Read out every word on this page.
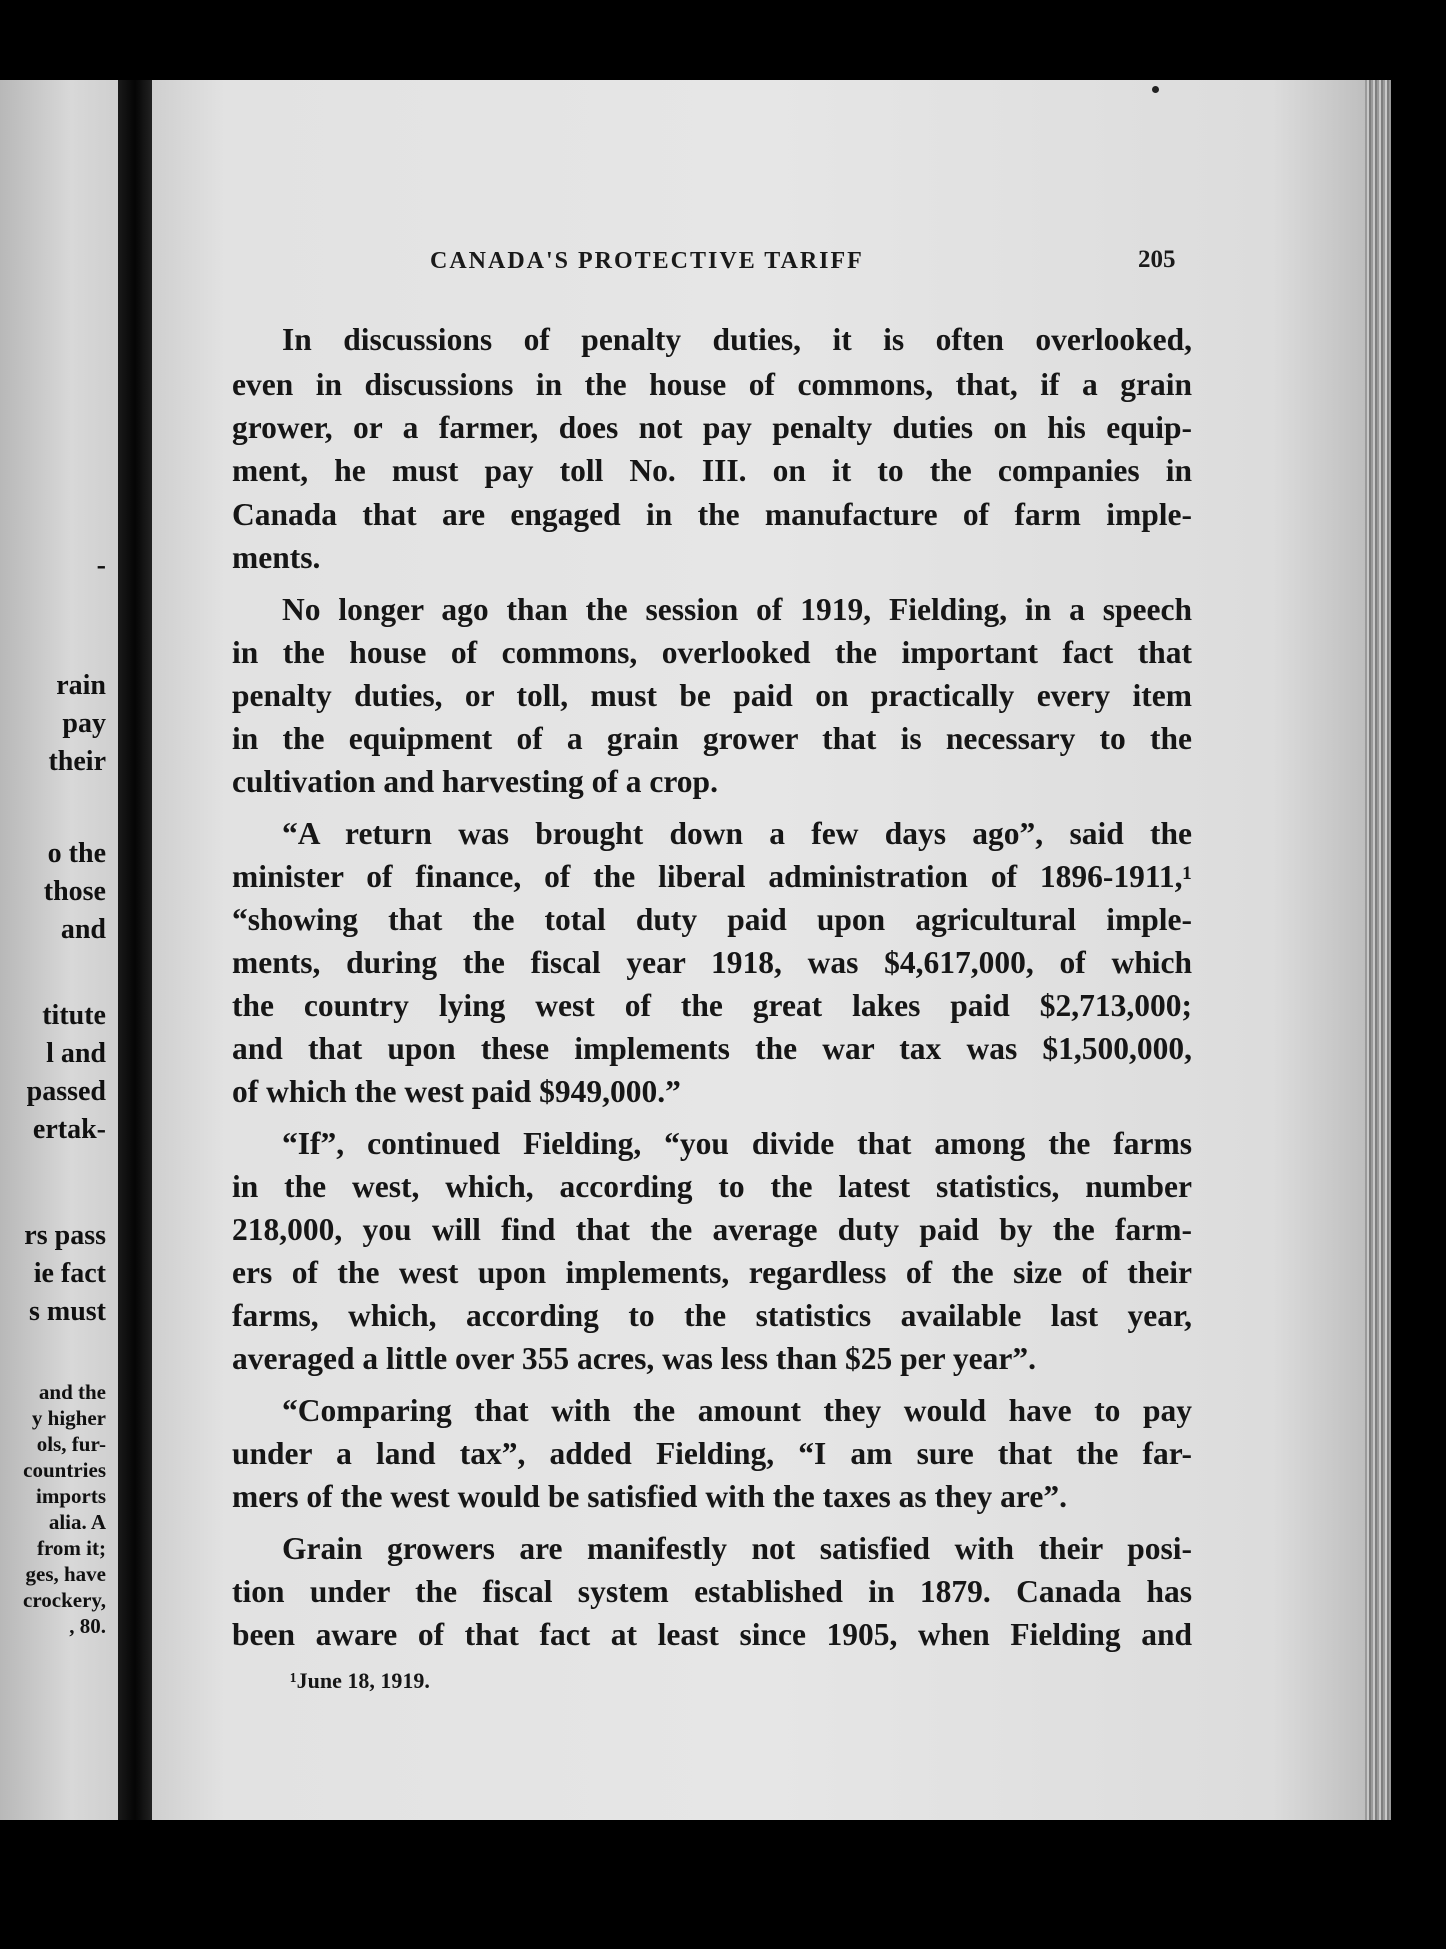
-
rain
pay
their
o the
those
and
titute
l and
passed
ertak-
rs pass
ie fact
s must
and the
y higher
ols, fur-
countries
imports
alia. A
from it;
ges, have
crockery,
, 80.
CANADA'S PROTECTIVE TARIFF	205
In discussions of penalty duties, it is often overlooked,
even in discussions in the house of commons, that, if a grain
grower, or a farmer, does not pay penalty duties on his equip-
ment, he must pay toll No. III. on it to the companies in
Canada that are engaged in the manufacture of farm imple-
ments.
No longer ago than the session of 1919, Fielding, in a speech
in the house of commons, overlooked the important fact that
penalty duties, or toll, must be paid on practically every item
in the equipment of a grain grower that is necessary to the
cultivation and harvesting of a crop.
“A return was brought down a few days ago”, said the
minister of finance, of the liberal administration of 1896-1911,¹
“showing that the total duty paid upon agricultural imple-
ments, during the fiscal year 1918, was $4,617,000, of which
the country lying west of the great lakes paid $2,713,000;
and that upon these implements the war tax was $1,500,000,
of which the west paid $949,000.”
“If”, continued Fielding, “you divide that among the farms
in the west, which, according to the latest statistics, number
218,000, you will find that the average duty paid by the farm-
ers of the west upon implements, regardless of the size of their
farms, which, according to the statistics available last year,
averaged a little over 355 acres, was less than $25 per year”.
“Comparing that with the amount they would have to pay
under a land tax”, added Fielding, “I am sure that the far-
mers of the west would be satisfied with the taxes as they are”.
Grain growers are manifestly not satisfied with their posi-
tion under the fiscal system established in 1879. Canada has
been aware of that fact at least since 1905, when Fielding and
¹June 18, 1919.
